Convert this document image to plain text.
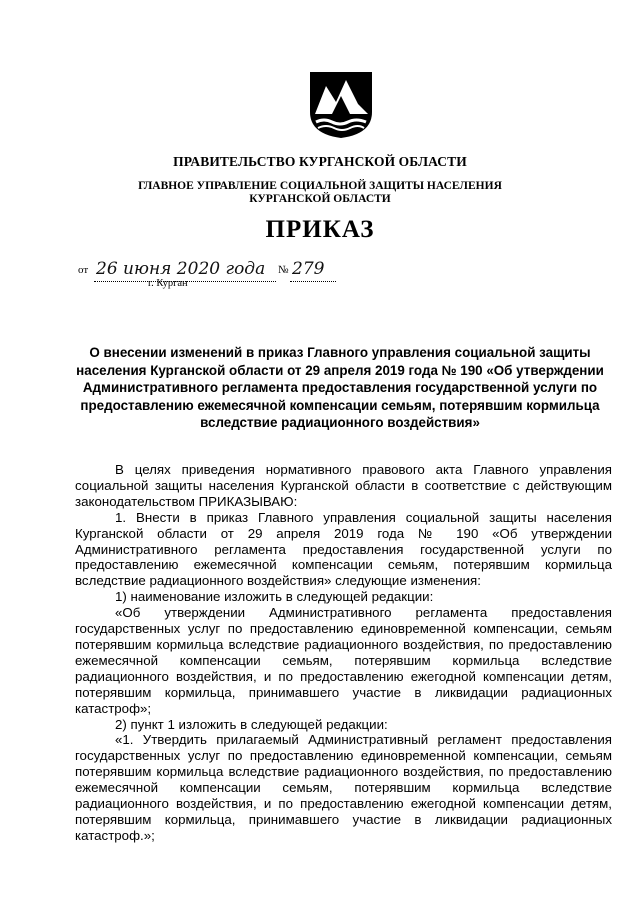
ПРАВИТЕЛЬСТВО КУРГАНСКОЙ ОБЛАСТИ
ГЛАВНОЕ УПРАВЛЕНИЕ СОЦИАЛЬНОЙ ЗАЩИТЫ НАСЕЛЕНИЯ
КУРГАНСКОЙ ОБЛАСТИ
ПРИКАЗ
от 26 июня 2020 года № 279
г. Курган
О внесении изменений в приказ Главного управления социальной защиты населения Курганской области от 29 апреля 2019 года № 190 «Об утверждении Административного регламента предоставления государственной услуги по предоставлению ежемесячной компенсации семьям, потерявшим кормильца вследствие радиационного воздействия»

В целях приведения нормативного правового акта Главного управления социальной защиты населения Курганской области в соответствие с действующим законодательством ПРИКАЗЫВАЮ:

1. Внести в приказ Главного управления социальной защиты населения Курганской области от 29 апреля 2019 года № 190 «Об утверждении Административного регламента предоставления государственной услуги по предоставлению ежемесячной компенсации семьям, потерявшим кормильца вследствие радиационного воздействия» следующие изменения:

1) наименование изложить в следующей редакции:

«Об утверждении Административного регламента предоставления государственных услуг по предоставлению единовременной компенсации, семьям потерявшим кормильца вследствие радиационного воздействия, по предоставлению ежемесячной компенсации семьям, потерявшим кормильца вследствие радиационного воздействия, и по предоставлению ежегодной компенсации детям, потерявшим кормильца, принимавшего участие в ликвидации радиационных катастроф»;

2) пункт 1 изложить в следующей редакции:

«1. Утвердить прилагаемый Административный регламент предоставления государственных услуг по предоставлению единовременной компенсации, семьям потерявшим кормильца вследствие радиационного воздействия, по предоставлению ежемесячной компенсации семьям, потерявшим кормильца вследствие радиационного воздействия, и по предоставлению ежегодной компенсации детям, потерявшим кормильца, принимавшего участие в ликвидации радиационных катастроф.»;
